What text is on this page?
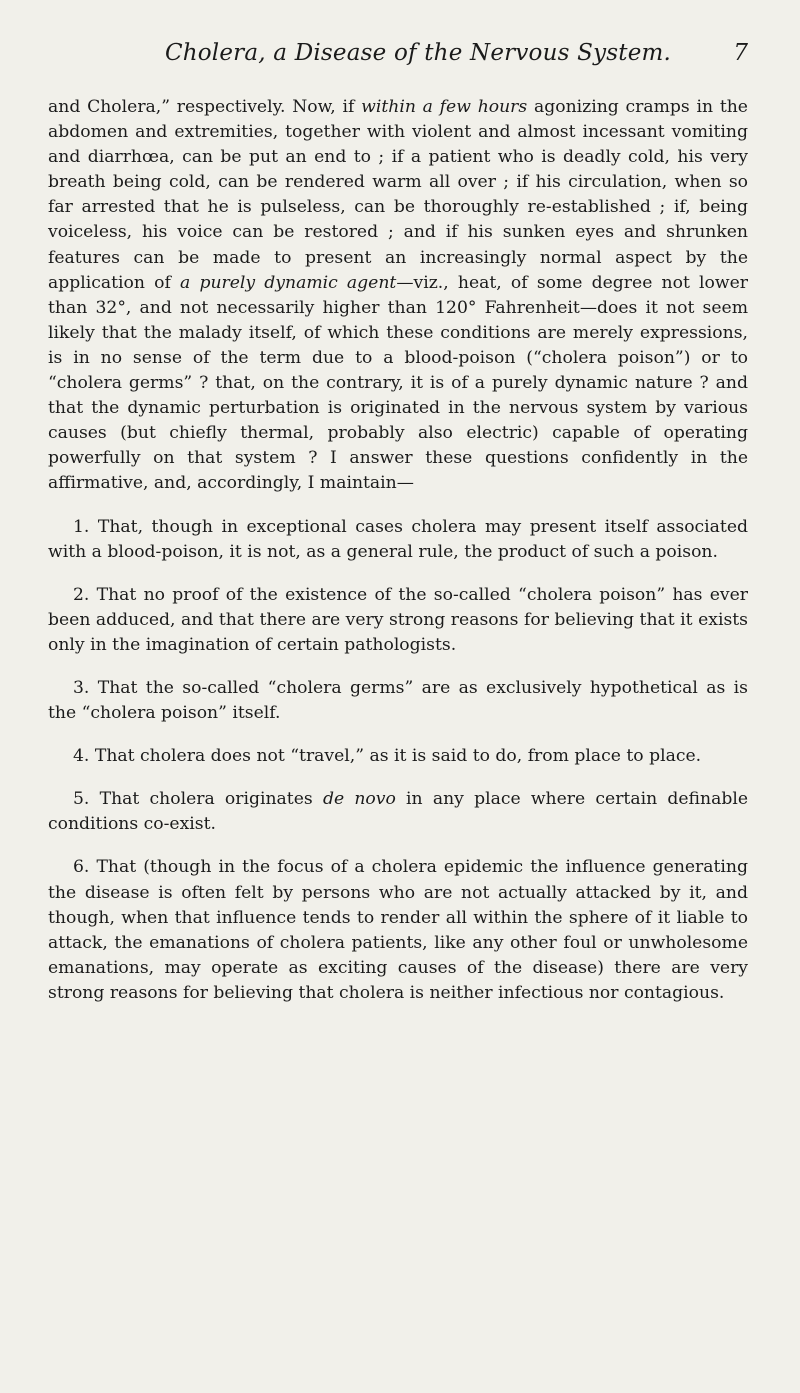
Cholera, a Disease of the Nervous System.	7

and Cholera,” respectively. Now, if within a few hours agonizing cramps in the abdomen and extremities, together with violent and almost incessant vomiting and diarrhœa, can be put an end to ; if a patient who is deadly cold, his very breath being cold, can be rendered warm all over ; if his circulation, when so far arrested that he is pulseless, can be thoroughly re-established ; if, being voiceless, his voice can be restored ; and if his sunken eyes and shrunken features can be made to present an increasingly normal aspect by the application of a purely dynamic agent—viz., heat, of some degree not lower than 32°, and not necessarily higher than 120° Fahrenheit—does it not seem likely that the malady itself, of which these conditions are merely expressions, is in no sense of the term due to a blood-poison (“cholera poison”) or to “cholera germs” ? that, on the contrary, it is of a purely dynamic nature ? and that the dynamic perturbation is originated in the nervous system by various causes (but chiefly thermal, probably also electric) capable of operating powerfully on that system ? I answer these questions confidently in the affirmative, and, accordingly, I maintain—

1. That, though in exceptional cases cholera may present itself associated with a blood-poison, it is not, as a general rule, the product of such a poison.

2. That no proof of the existence of the so-called “cholera poison” has ever been adduced, and that there are very strong reasons for believing that it exists only in the imagination of certain pathologists.

3. That the so-called “cholera germs” are as exclusively hypothetical as is the “cholera poison” itself.

4. That cholera does not “travel,” as it is said to do, from place to place.

5. That cholera originates de novo in any place where certain definable conditions co-exist.

6. That (though in the focus of a cholera epidemic the influence generating the disease is often felt by persons who are not actually attacked by it, and though, when that influence tends to render all within the sphere of it liable to attack, the emanations of cholera patients, like any other foul or unwholesome emanations, may operate as exciting causes of the disease) there are very strong reasons for believing that cholera is neither infectious nor contagious.
